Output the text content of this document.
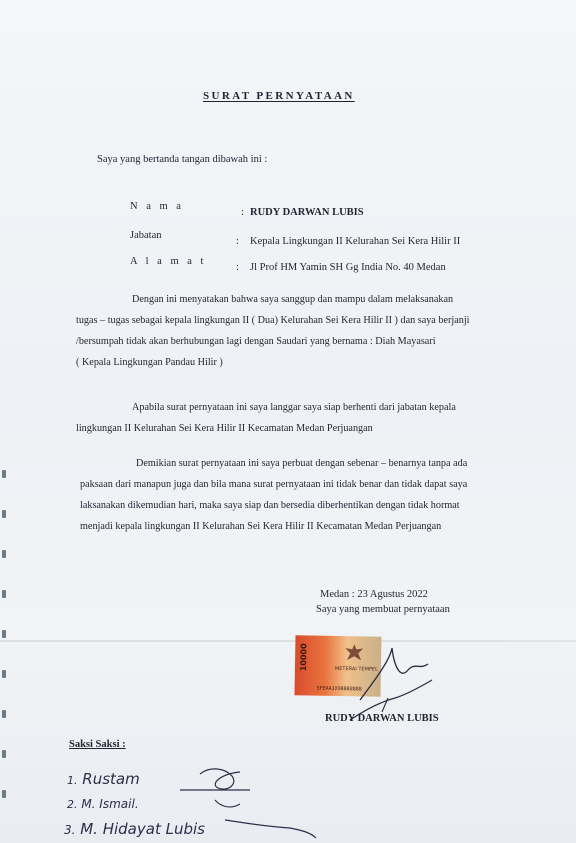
SURAT PERNYATAAN
Saya yang bertanda tangan dibawah ini :
N a m a
: RUDY DARWAN LUBIS
Jabatan
: Kepala Lingkungan II Kelurahan Sei Kera Hilir II
A l a m a t
: Jl Prof HM Yamin SH Gg India No. 40 Medan
Dengan ini menyatakan bahwa saya sanggup dan mampu dalam melaksanakan
tugas – tugas sebagai kepala lingkungan II ( Dua) Kelurahan Sei Kera Hilir II ) dan saya berjanji
/bersumpah tidak akan berhubungan lagi dengan Saudari yang bernama : Diah Mayasari
( Kepala Lingkungan Pandau Hilir )
Apabila surat pernyataan ini saya langgar saya siap berhenti dari jabatan kepala
lingkungan II Kelurahan Sei Kera Hilir II Kecamatan Medan Perjuangan
Demikian surat pernyataan ini saya perbuat dengan sebenar – benarnya tanpa ada
paksaan dari manapun juga dan bila mana surat pernyataan ini tidak benar dan tidak dapat saya
laksanakan dikemudian hari, maka saya siap dan bersedia diberhentikan dengan tidak hormat
menjadi kepala lingkungan II Kelurahan Sei Kera Hilir II Kecamatan Medan Perjuangan
Medan : 23 Agustus 2022
Saya yang membuat pernyataan
10000	METERAI TEMPEL
5FEAAJX98888888
RUDY DARWAN LUBIS
Saksi Saksi :
1. Rustam
2. M. Ismail.
3. M. Hidayat Lubis
